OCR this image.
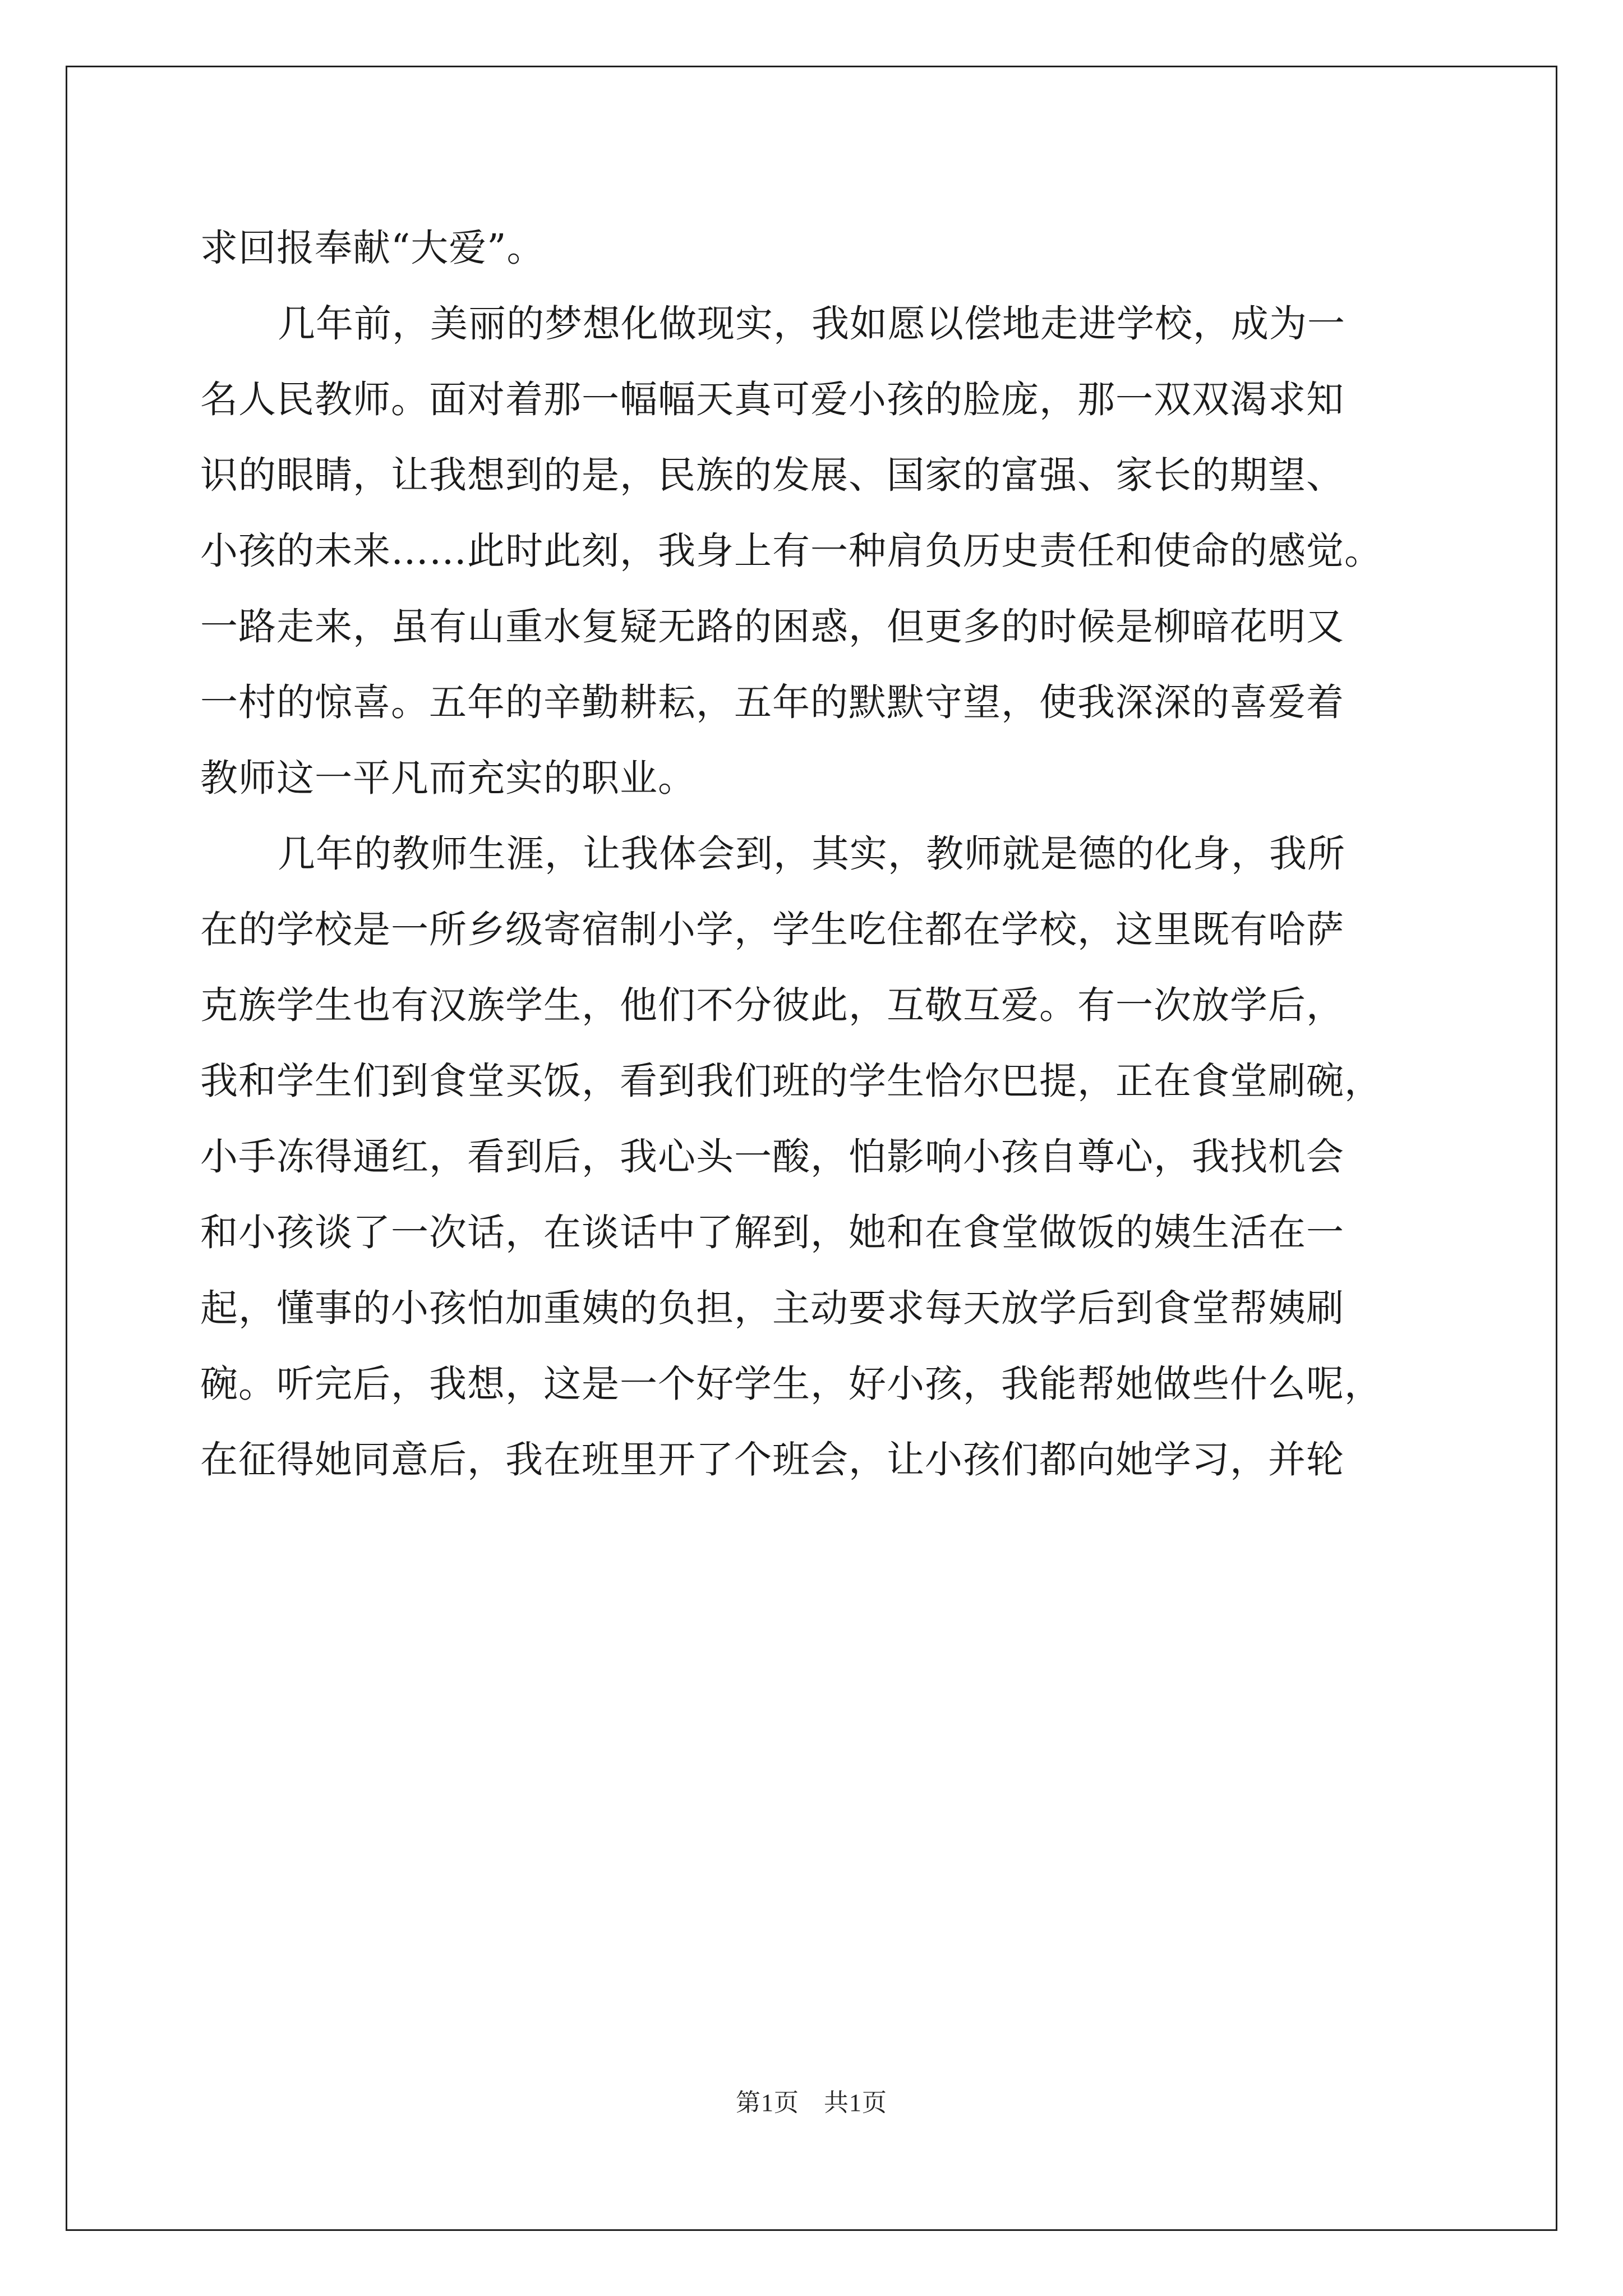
求回报奉献“大爱”。
几年前，美丽的梦想化做现实，我如愿以偿地走进学校，成为一
名人民教师。面对着那一幅幅天真可爱小孩的脸庞，那一双双渴求知
识的眼睛，让我想到的是，民族的发展、国家的富强、家长的期望、
小孩的未来……此时此刻，我身上有一种肩负历史责任和使命的感觉。
一路走来，虽有山重水复疑无路的困惑，但更多的时候是柳暗花明又
一村的惊喜。五年的辛勤耕耘，五年的默默守望，使我深深的喜爱着
教师这一平凡而充实的职业。
几年的教师生涯，让我体会到，其实，教师就是德的化身，我所
在的学校是一所乡级寄宿制小学，学生吃住都在学校，这里既有哈萨
克族学生也有汉族学生，他们不分彼此，互敬互爱。有一次放学后，
我和学生们到食堂买饭，看到我们班的学生恰尔巴提，正在食堂刷碗，
小手冻得通红，看到后，我心头一酸，怕影响小孩自尊心，我找机会
和小孩谈了一次话，在谈话中了解到，她和在食堂做饭的姨生活在一
起，懂事的小孩怕加重姨的负担，主动要求每天放学后到食堂帮姨刷
碗。听完后，我想，这是一个好学生，好小孩，我能帮她做些什么呢，
在征得她同意后，我在班里开了个班会，让小孩们都向她学习，并轮
第1页 共1页
